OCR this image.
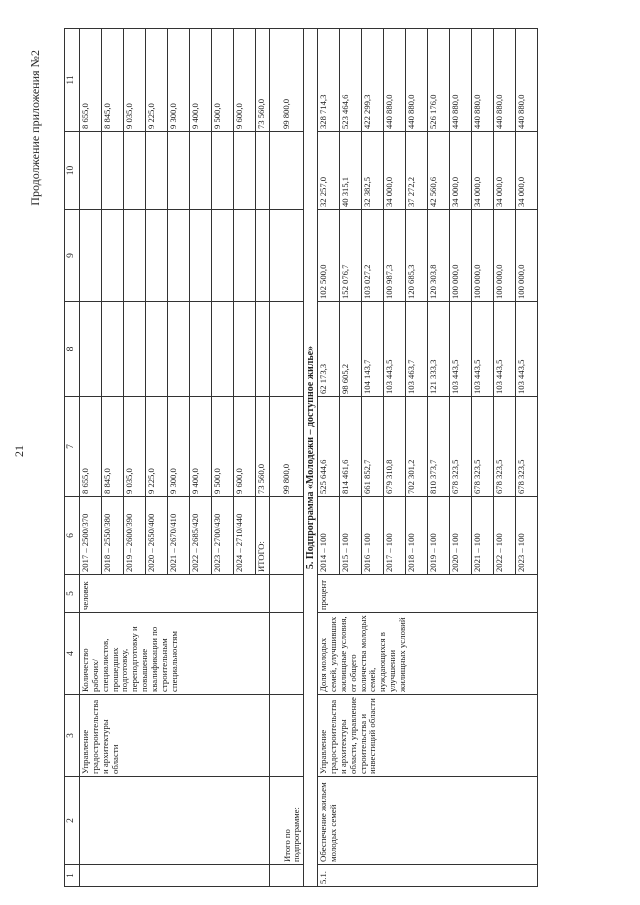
21
Продолжение приложения №2
1	2	3	4	5	6	7	8	9	10	11
		Управление градостроительства и архитектуры области	Количество рабочих/ специалистов, прошедших подготовку, переподготовку и повышение квалификации по строительным специальностям	человек	2017 – 2500/370	8 655,0				8 655,0
					2018 – 2550/380	8 845,0				8 845,0
					2019 – 2600/390	9 035,0				9 035,0
					2020 – 2650/400	9 225,0				9 225,0
					2021 – 2670/410	9 300,0				9 300,0
					2022 – 2685/420	9 400,0				9 400,0
					2023 – 2700/430	9 500,0				9 500,0
					2024 – 2710/440	9 600,0				9 600,0
					ИТОГО:	73 560,0				73 560,0
	Итого по подпрограмме:					99 800,0				99 800,0
5. Подпрограмма «Молодежи – доступное жилье»										
5.1.	Обеспечение жильем молодых семей	Управление градостроительства и архитектуры области, управление строительства и инвестиций области	Доля молодых семей, улучшивших жилищные условия, от общего количества молодых семей, нуждающихся в улучшении жилищных условий	процент	2014 – 100	525 644,6	62 173,3	102 500,0	32 257,0	328 714,3
					2015 – 100	814 461,6	98 605,2	152 076,7	40 315,1	523 464,6
					2016 – 100	661 852,7	104 143,7	103 027,2	32 382,5	422 299,3
					2017 – 100	679 310,8	103 443,5	100 987,3	34 000,0	440 880,0
					2018 – 100	702 301,2	103 463,7	120 685,3	37 272,2	440 880,0
					2019 – 100	810 373,7	121 333,3	120 303,8	42 560,6	526 176,0
					2020 – 100	678 323,5	103 443,5	100 000,0	34 000,0	440 880,0
					2021 – 100	678 323,5	103 443,5	100 000,0	34 000,0	440 880,0
					2022 – 100	678 323,5	103 443,5	100 000,0	34 000,0	440 880,0
					2023 – 100	678 323,5	103 443,5	100 000,0	34 000,0	440 880,0
